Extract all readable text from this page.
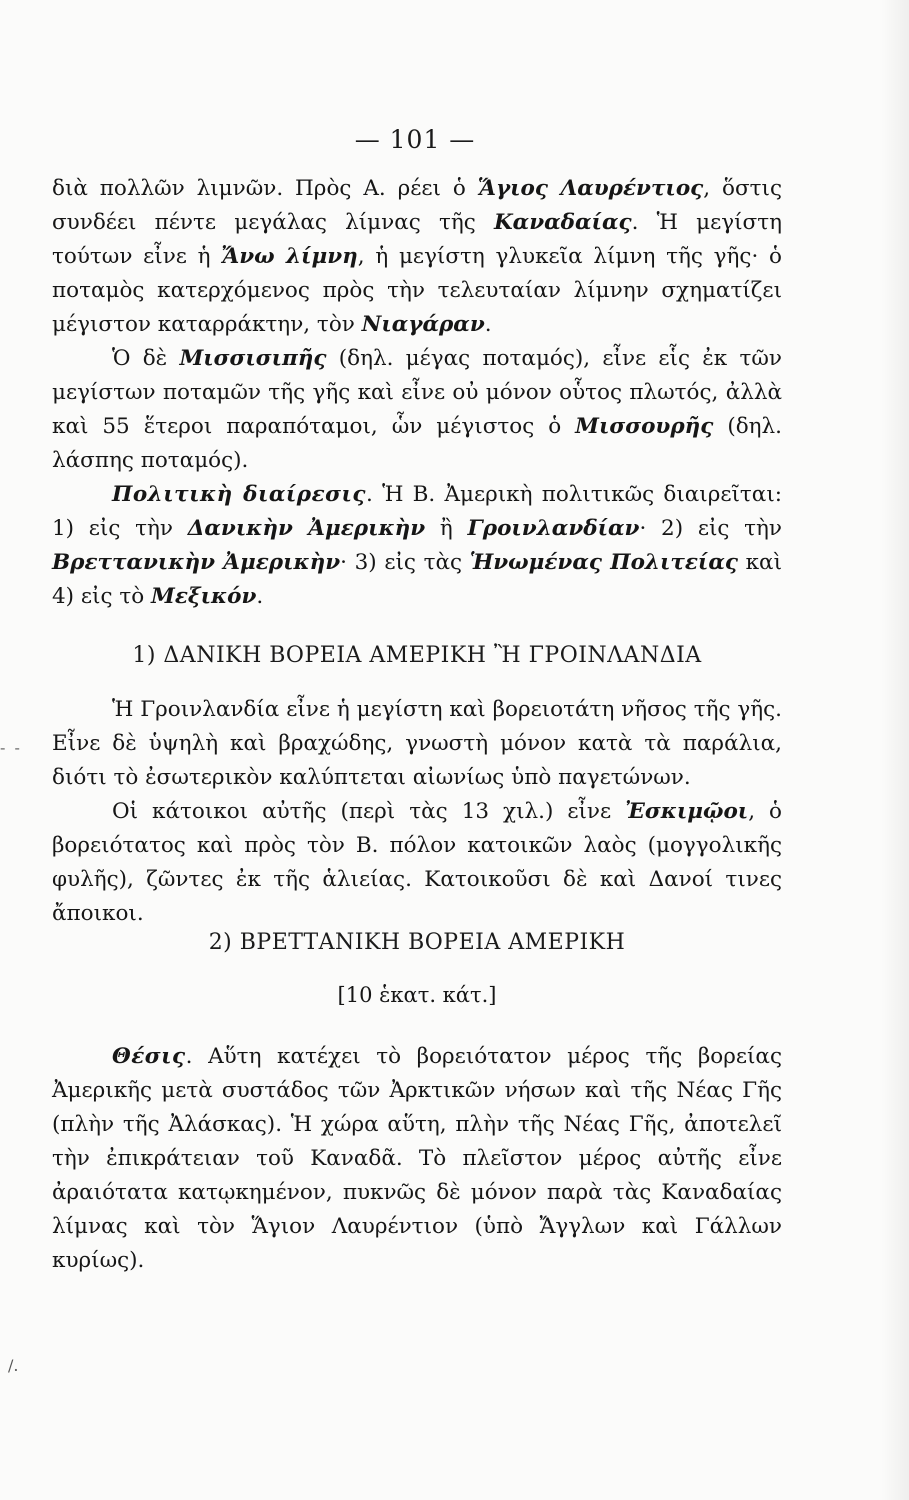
— 101 —

διὰ πολλῶν λιμνῶν. Πρὸς Α. ρέει ὁ Ἅγιος Λαυρέντιος, ὅστις συνδέει πέντε μεγάλας λίμνας τῆς Καναδαίας. Ἡ μεγίστη τούτων εἶνε ἡ Ἄνω λίμνη, ἡ μεγίστη γλυκεῖα λίμνη τῆς γῆς· ὁ ποταμὸς κατερχόμενος πρὸς τὴν τελευταίαν λίμνην σχηματίζει μέγιστον καταρράκτην, τὸν Νιαγάραν.

Ὁ δὲ Μισσισιπῆς (δηλ. μέγας ποταμός), εἶνε εἷς ἐκ τῶν μεγίστων ποταμῶν τῆς γῆς καὶ εἶνε οὐ μόνον οὗτος πλωτός, ἀλλὰ καὶ 55 ἕτεροι παραπόταμοι, ὧν μέγιστος ὁ Μισσουρῆς (δηλ. λάσπης ποταμός).

Πολιτικὴ διαίρεσις. Ἡ Β. Ἀμερικὴ πολιτικῶς διαιρεῖται: 1) εἰς τὴν Δανικὴν Ἀμερικὴν ἢ Γροινλανδίαν· 2) εἰς τὴν Βρεττανικὴν Ἀμερικὴν· 3) εἰς τὰς Ἡνωμένας Πολιτείας καὶ 4) εἰς τὸ Μεξικόν.

1) ΔΑΝΙΚΗ ΒΟΡΕΙΑ ΑΜΕΡΙΚΗ Ἢ ΓΡΟΙΝΛΑΝΔΙΑ

Ἡ Γροινλανδία εἶνε ἡ μεγίστη καὶ βορειοτάτη νῆσος τῆς γῆς. Εἶνε δὲ ὑψηλὴ καὶ βραχώδης, γνωστὴ μόνον κατὰ τὰ παράλια, διότι τὸ ἐσωτερικὸν καλύπτεται αἰωνίως ὑπὸ παγετώνων.

Οἱ κάτοικοι αὐτῆς (περὶ τὰς 13 χιλ.) εἶνε Ἐσκιμῷοι, ὁ βορειότατος καὶ πρὸς τὸν Β. πόλον κατοικῶν λαὸς (μογγολικῆς φυλῆς), ζῶντες ἐκ τῆς ἁλιείας. Κατοικοῦσι δὲ καὶ Δανοί τινες ἄποικοι.

2) ΒΡΕΤΤΑΝΙΚΗ ΒΟΡΕΙΑ ΑΜΕΡΙΚΗ
[10 ἑκατ. κάτ.]

Θέσις. Αὕτη κατέχει τὸ βορειότατον μέρος τῆς βορείας Ἀμερικῆς μετὰ συστάδος τῶν Ἀρκτικῶν νήσων καὶ τῆς Νέας Γῆς (πλὴν τῆς Ἀλάσκας). Ἡ χώρα αὕτη, πλὴν τῆς Νέας Γῆς, ἀποτελεῖ τὴν ἐπικράτειαν τοῦ Καναδᾶ. Τὸ πλεῖστον μέρος αὐτῆς εἶνε ἀραιότατα κατῳκημένον, πυκνῶς δὲ μόνον παρὰ τὰς Καναδαίας λίμνας καὶ τὸν Ἅγιον Λαυρέντιον (ὑπὸ Ἄγγλων καὶ Γάλλων κυρίως).

- -
/.
